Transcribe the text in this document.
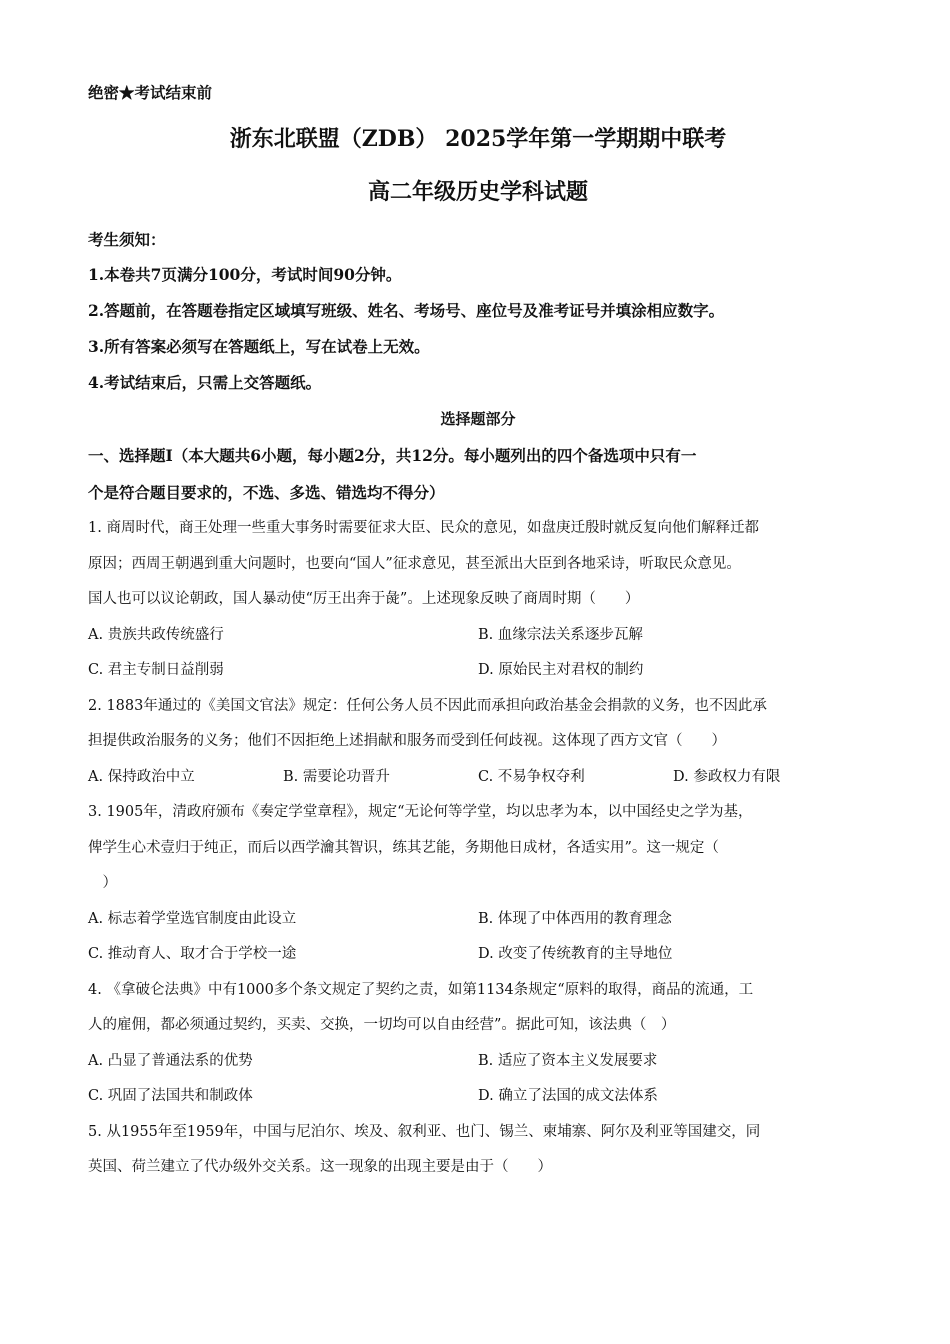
绝密★考试结束前
浙东北联盟（ZDB） 2025学年第一学期期中联考
高二年级历史学科试题
考生须知：
1.本卷共7页满分100分，考试时间90分钟。
2.答题前，在答题卷指定区域填写班级、姓名、考场号、座位号及准考证号并填涂相应数字。
3.所有答案必须写在答题纸上，写在试卷上无效。
4.考试结束后，只需上交答题纸。
选择题部分
一、选择题Ⅰ（本大题共6小题，每小题2分，共12分。每小题列出的四个备选项中只有一
个是符合题目要求的，不选、多选、错选均不得分）
1. 商周时代，商王处理一些重大事务时需要征求大臣、民众的意见，如盘庚迁殷时就反复向他们解释迁都
原因；西周王朝遇到重大问题时，也要向“国人”征求意见，甚至派出大臣到各地采诗，听取民众意见。
国人也可以议论朝政，国人暴动使“厉王出奔于彘”。上述现象反映了商周时期（　　）
A. 贵族共政传统盛行	B. 血缘宗法关系逐步瓦解
C. 君主专制日益削弱	D. 原始民主对君权的制约
2. 1883年通过的《美国文官法》规定：任何公务人员不因此而承担向政治基金会捐款的义务，也不因此承
担提供政治服务的义务；他们不因拒绝上述捐献和服务而受到任何歧视。这体现了西方文官（　　）
A. 保持政治中立	B. 需要论功晋升	C. 不易争权夺利	D. 参政权力有限
3. 1905年，清政府颁布《奏定学堂章程》，规定“无论何等学堂，均以忠孝为本，以中国经史之学为基，
俾学生心术壹归于纯正，而后以西学瀹其智识，练其艺能，务期他日成材，各适实用”。这一规定（
　）
A. 标志着学堂选官制度由此设立	B. 体现了中体西用的教育理念
C. 推动育人、取才合于学校一途	D. 改变了传统教育的主导地位
4. 《拿破仑法典》中有1000多个条文规定了契约之责，如第1134条规定“原料的取得，商品的流通，工
人的雇佣，都必须通过契约，买卖、交换，一切均可以自由经营”。据此可知，该法典（　）
A. 凸显了普通法系的优势	B. 适应了资本主义发展要求
C. 巩固了法国共和制政体	D. 确立了法国的成文法体系
5. 从1955年至1959年，中国与尼泊尔、埃及、叙利亚、也门、锡兰、柬埔寨、阿尔及利亚等国建交，同
英国、荷兰建立了代办级外交关系。这一现象的出现主要是由于（　　）
